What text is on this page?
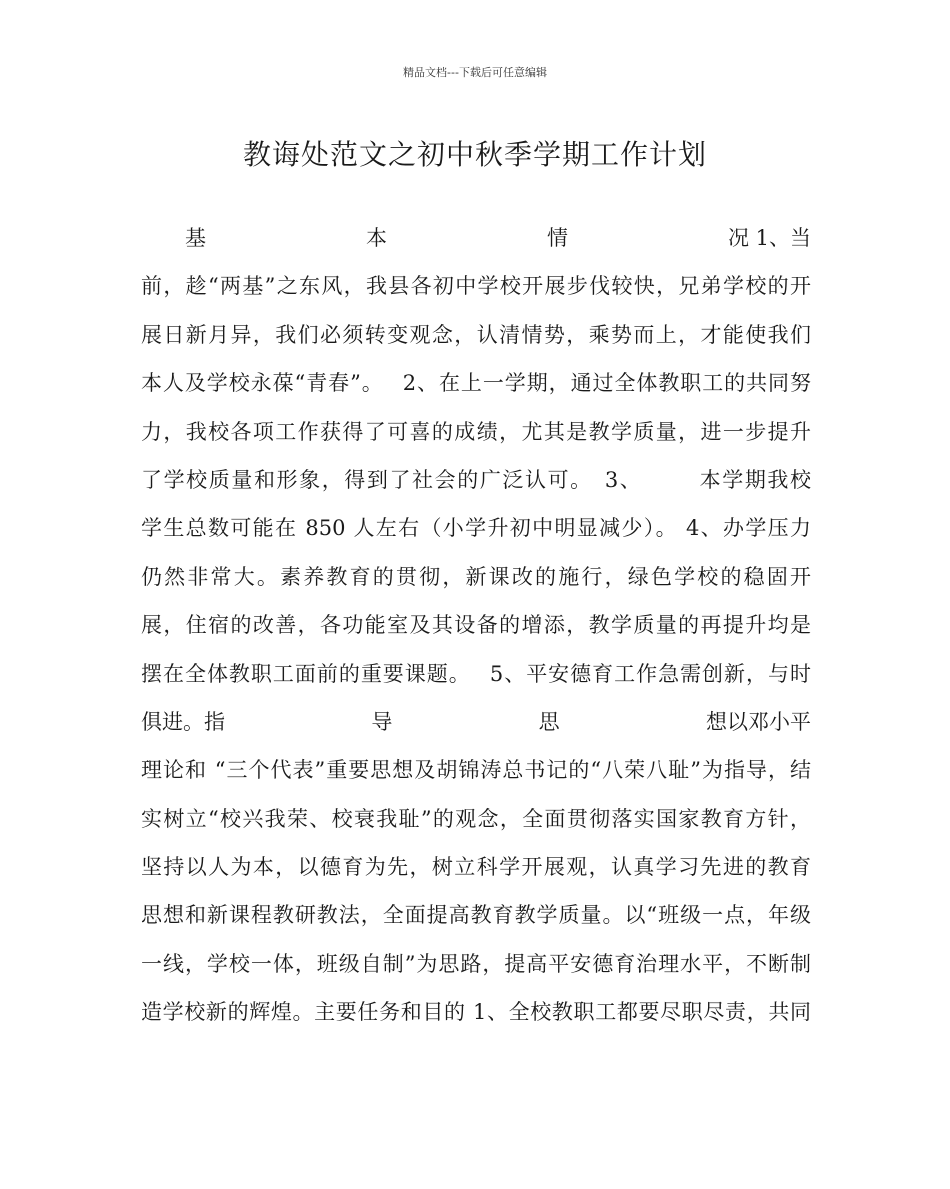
精品文档---下载后可任意编辑
教诲处范文之初中秋季学期工作计划
基	本	情	况 1、当
前，趁“两基”之东风，我县各初中学校开展步伐较快，兄弟学校的开
展日新月异，我们必须转变观念，认清情势，乘势而上，才能使我们
本人及学校永葆“青春”。　 2、在上一学期，通过全体教职工的共同努
力，我校各项工作获得了可喜的成绩，尤其是教学质量，进一步提升
了学校质量和形象，得到了社会的广泛认可。　3、　　　本学期我校
学生总数可能在 850 人左右（小学升初中明显减少）。 4、办学压力
仍然非常大。素养教育的贯彻，新课改的施行，绿色学校的稳固开
展，住宿的改善，各功能室及其设备的增添，教学质量的再提升均是
摆在全体教职工面前的重要课题。　 5、平安德育工作急需创新，与时
俱进。指	导	思	想以邓小平
理论和 “三个代表”重要思想及胡锦涛总书记的“八荣八耻”为指导，结
实树立“校兴我荣、校衰我耻”的观念，全面贯彻落实国家教育方针，
坚持以人为本，以德育为先，树立科学开展观，认真学习先进的教育
思想和新课程教研教法，全面提高教育教学质量。以“班级一点，年级
一线，学校一体，班级自制”为思路，提高平安德育治理水平，不断制
造学校新的辉煌。主要任务和目的 1、全校教职工都要尽职尽责，共同
